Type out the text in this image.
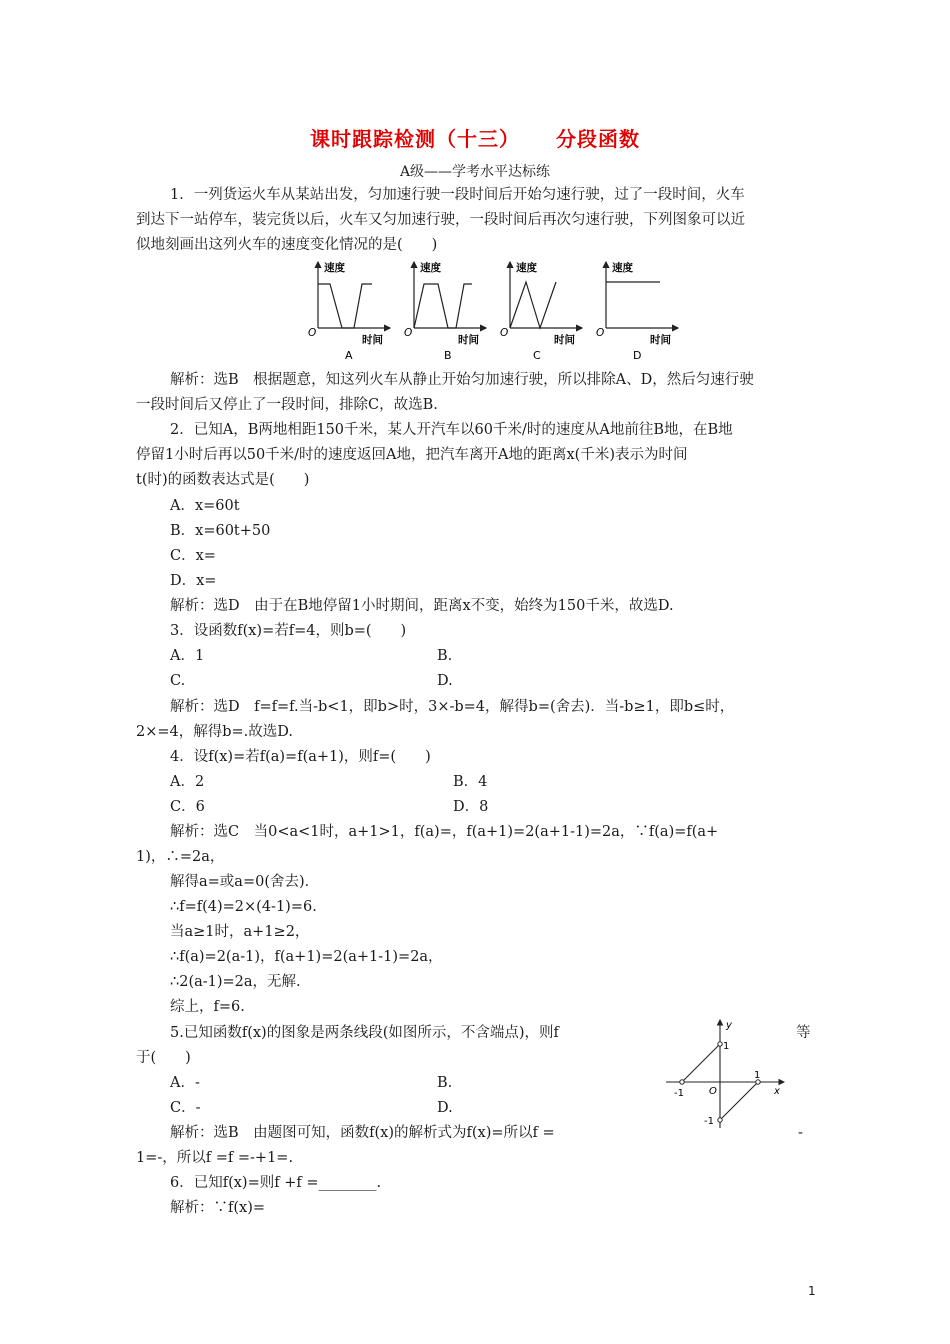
课时跟踪检测（十三） 分段函数
A级——学考水平达标练
1．一列货运火车从某站出发，匀加速行驶一段时间后开始匀速行驶，过了一段时间，火车
到达下一站停车，装完货以后，火车又匀加速行驶，一段时间后再次匀速行驶，下列图象可以近
似地刻画出这列火车的速度变化情况的是(　　)
速度	速度	速度	速度
O	O	O	O
时间	时间	时间	时间
A	B	C	D
解析：选B　根据题意，知这列火车从静止开始匀加速行驶，所以排除A、D，然后匀速行驶
一段时间后又停止了一段时间，排除C，故选B.
2．已知A，B两地相距150千米，某人开汽车以60千米/时的速度从A地前往B地，在B地
停留1小时后再以50千米/时的速度返回A地，把汽车离开A地的距离x(千米)表示为时间
t(时)的函数表达式是(　　)
A．x=60t
B．x=60t+50
C．x=
D．x=
解析：选D　由于在B地停留1小时期间，距离x不变，始终为150千米，故选D.
3．设函数f(x)=若f=4，则b=(　　)
A．1	B.
C.	D.
解析：选D　f=f=f.当-b<1，即b>时，3×-b=4，解得b=(舍去)．当-b≥1，即b≤时，
2×=4，解得b=.故选D.
4．设f(x)=若f(a)=f(a+1)，则f=(　　)
A．2	B．4
C．6	D．8
解析：选C　当0<a<1时，a+1>1，f(a)=，f(a+1)=2(a+1-1)=2a，∵f(a)=f(a+
1)，∴=2a，
解得a=或a=0(舍去)．
∴f=f(4)=2×(4-1)=6.
当a≥1时，a+1≥2，
∴f(a)=2(a-1)，f(a+1)=2(a+1-1)=2a，
∴2(a-1)=2a，无解.
综上，f=6.
5.已知函数f(x)的图象是两条线段(如图所示，不含端点)，则f	等
于(　　)
A．-	B.
C．-	D.
解析：选B　由题图可知，函数f(x)的解析式为f(x)=所以f =	-
1=-，所以f =f =-+1=.
y
x
O
1
1
-1
-1
6．已知f(x)=则f +f =________.
解析：∵f(x)=
1
